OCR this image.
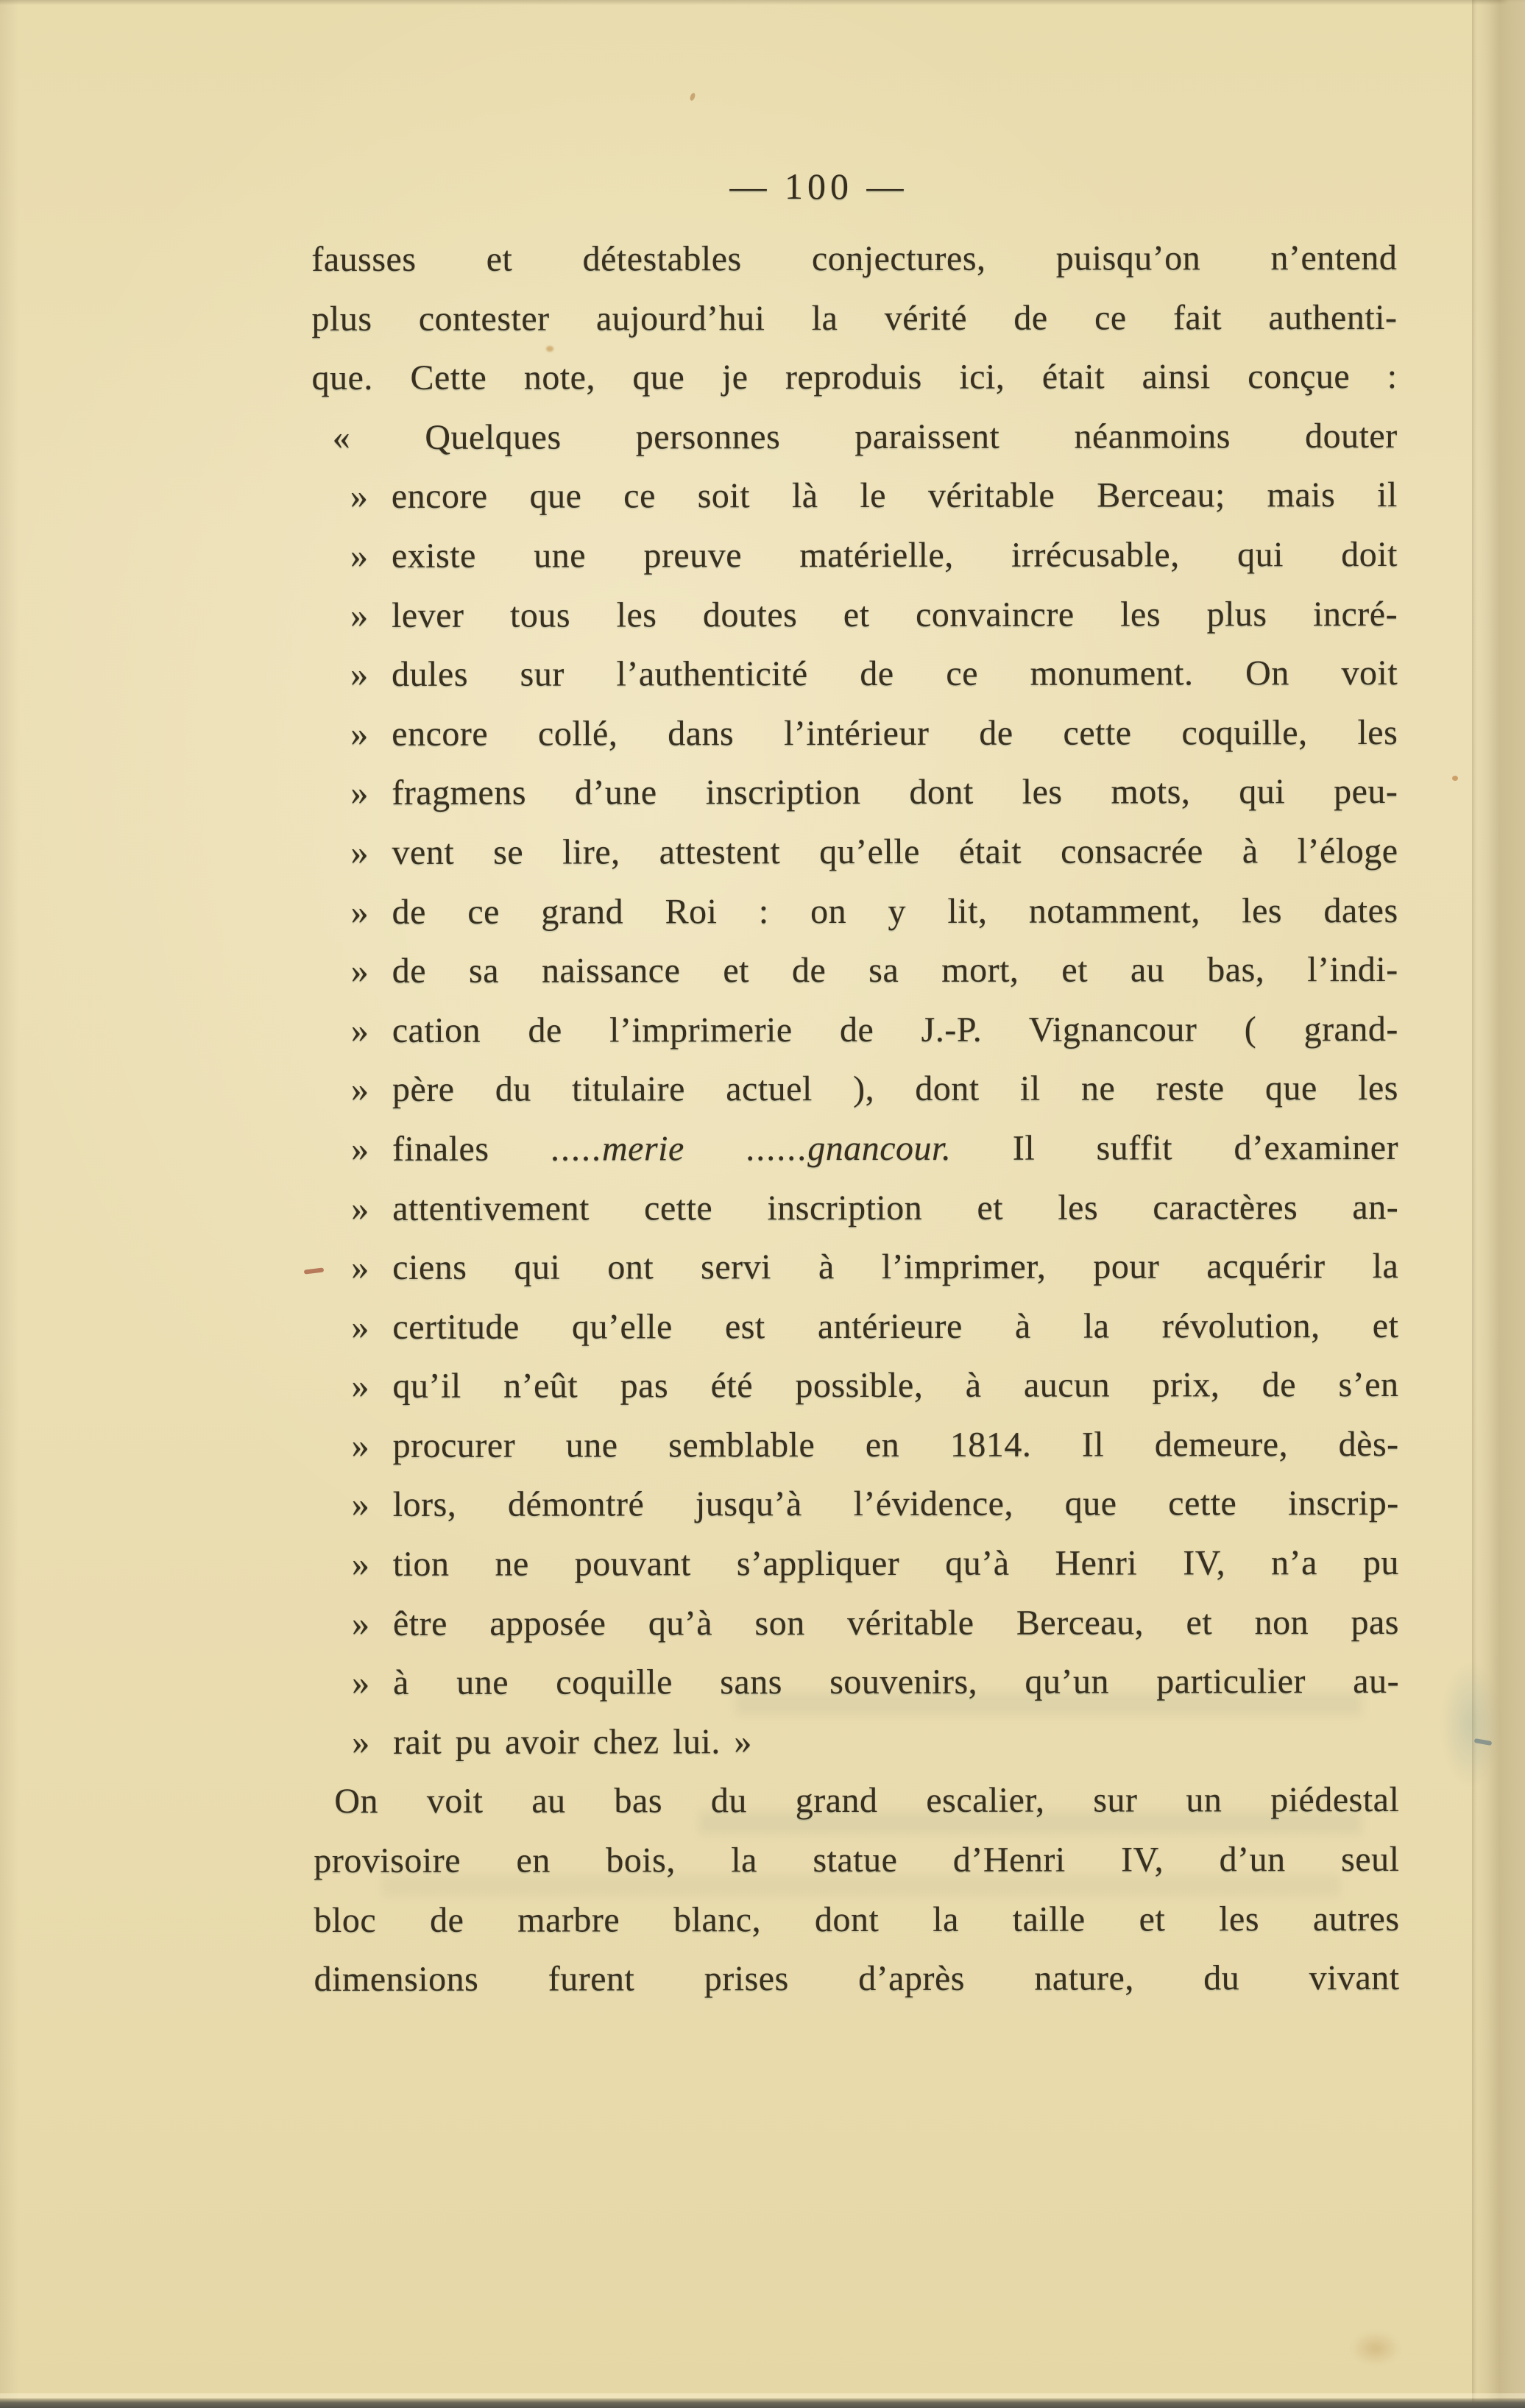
— 100 —
fausses et détestables conjectures, puisqu’on n’entend
plus contester aujourd’hui la vérité de ce fait authenti-
que. Cette note, que je reproduis ici, était ainsi conçue :
« Quelques personnes paraissent néanmoins douter
» encore que ce soit là le véritable Berceau; mais il
» existe une preuve matérielle, irrécusable, qui doit
» lever tous les doutes et convaincre les plus incré-
» dules sur l’authenticité de ce monument. On voit
» encore collé, dans l’intérieur de cette coquille, les
» fragmens d’une inscription dont les mots, qui peu-
» vent se lire, attestent qu’elle était consacrée à l’éloge
» de ce grand Roi : on y lit, notamment, les dates
» de sa naissance et de sa mort, et au bas, l’indi-
» cation de l’imprimerie de J.-P. Vignancour ( grand-
» père du titulaire actuel ), dont il ne reste que les
» finales .....merie ......gnancour. Il suffit d’examiner
» attentivement cette inscription et les caractères an-
» ciens qui ont servi à l’imprimer, pour acquérir la
» certitude qu’elle est antérieure à la révolution, et
» qu’il n’eût pas été possible, à aucun prix, de s’en
» procurer une semblable en 1814. Il demeure, dès-
» lors, démontré jusqu’à l’évidence, que cette inscrip-
» tion ne pouvant s’appliquer qu’à Henri IV, n’a pu
» être apposée qu’à son véritable Berceau, et non pas
» à une coquille sans souvenirs, qu’un particulier au-
» rait pu avoir chez lui. »
On voit au bas du grand escalier, sur un piédestal
provisoire en bois, la statue d’Henri IV, d’un seul
bloc de marbre blanc, dont la taille et les autres
dimensions furent prises d’après nature, du vivant
